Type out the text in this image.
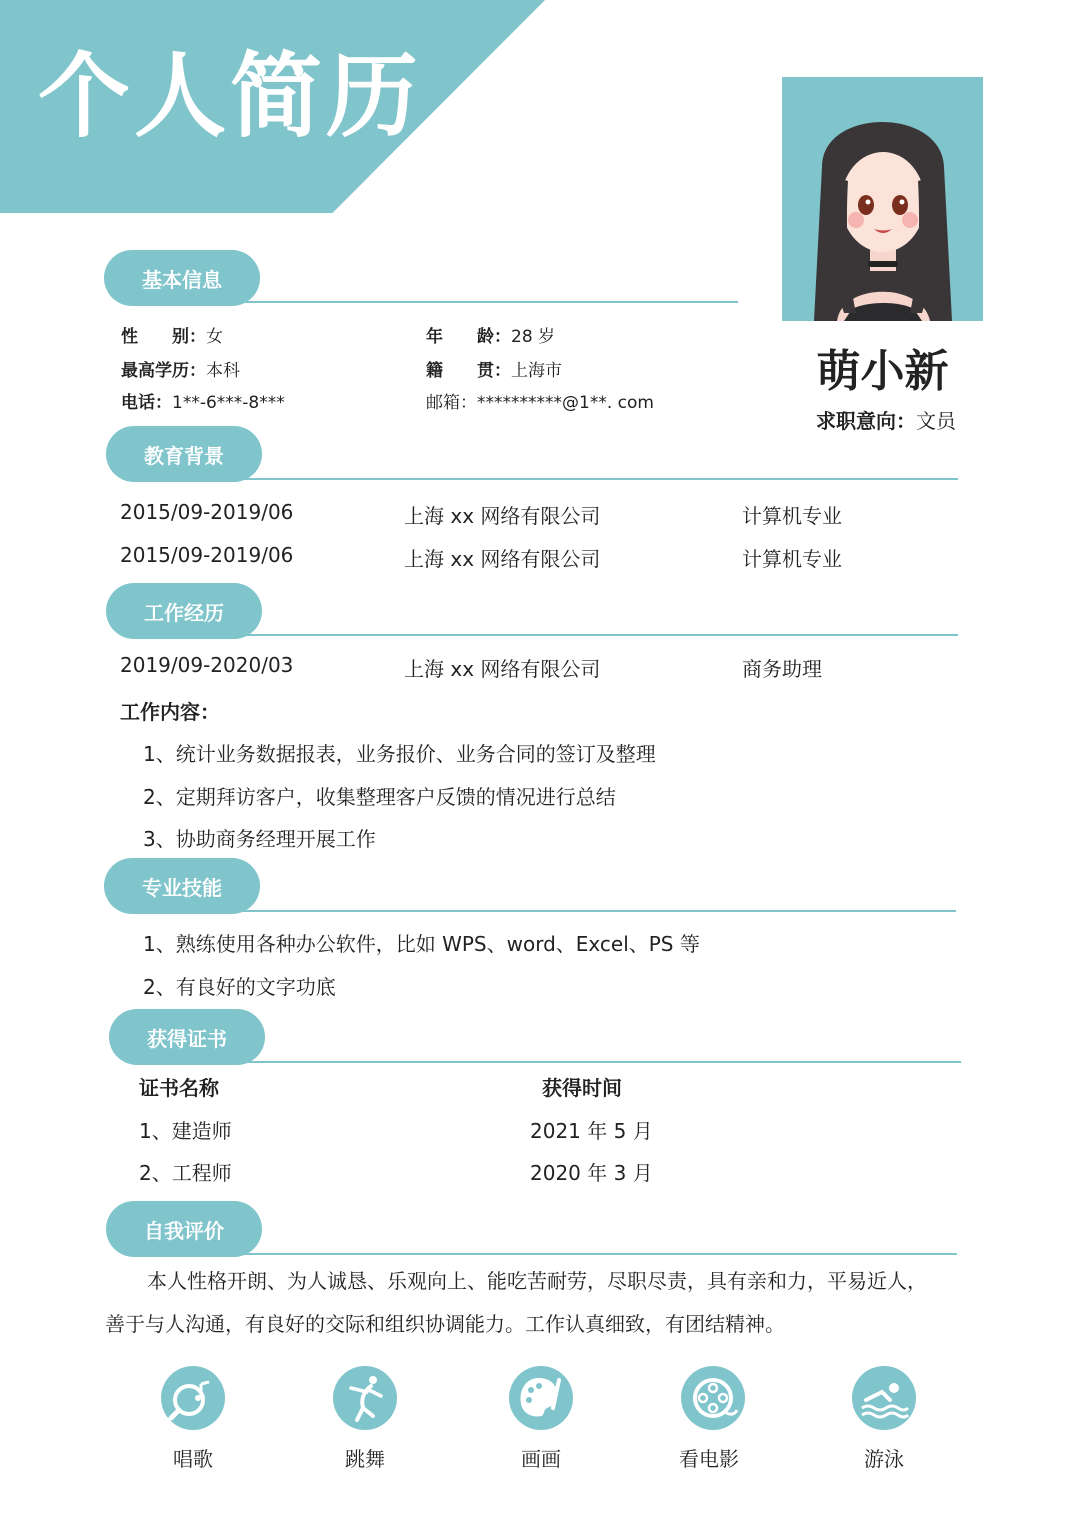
个人简历
萌小新
求职意向：文员
基本信息
性　　别：女	年　　龄：28 岁
最高学历：本科	籍　　贯：上海市
电话：1**-6***-8***	邮箱：**********@1**. com
教育背景
2015/09-2019/06	上海 xx 网络有限公司	计算机专业
2015/09-2019/06	上海 xx 网络有限公司	计算机专业
工作经历
2019/09-2020/03	上海 xx 网络有限公司	商务助理
工作内容：
1、统计业务数据报表，业务报价、业务合同的签订及整理
2、定期拜访客户，收集整理客户反馈的情况进行总结
3、协助商务经理开展工作
专业技能
1、熟练使用各种办公软件，比如 WPS、word、Excel、PS 等
2、有良好的文字功底
获得证书
证书名称	获得时间
1、建造师	2021 年 5 月
2、工程师	2020 年 3 月
自我评价
本人性格开朗、为人诚恳、乐观向上、能吃苦耐劳，尽职尽责，具有亲和力，平易近人，
善于与人沟通，有良好的交际和组织协调能力。工作认真细致，有团结精神。
唱歌	跳舞	画画	看电影	游泳
